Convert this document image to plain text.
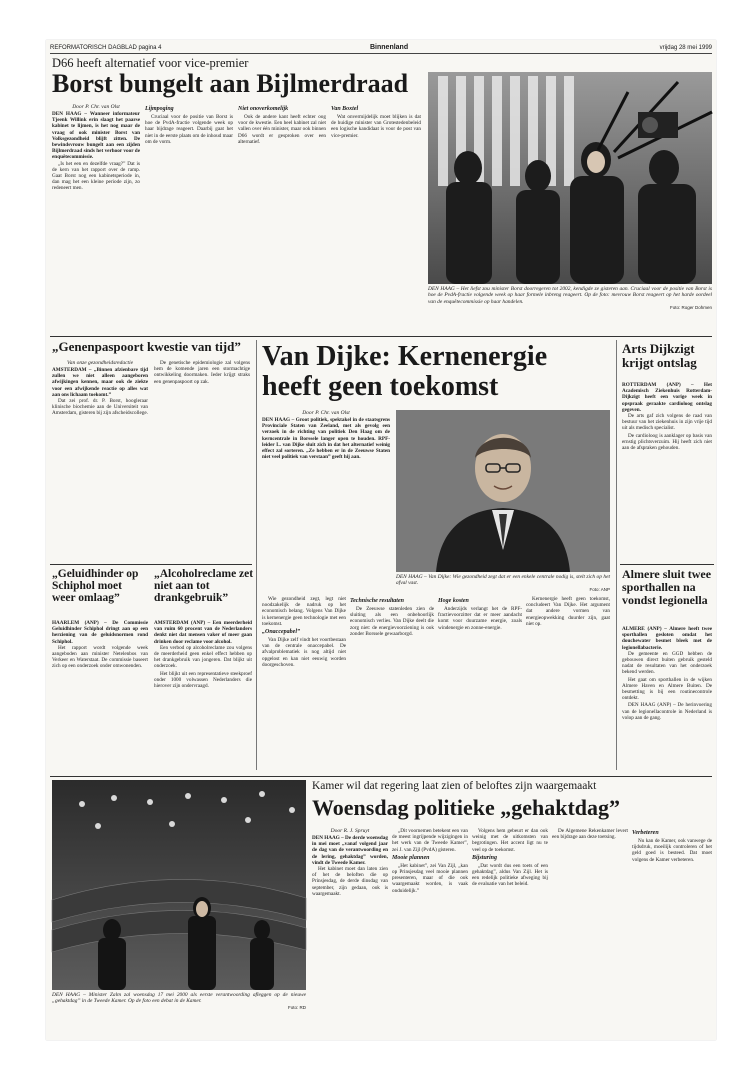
REFORMATORISCH DAGBLAD pagina 4	Binnenland	vrijdag 28 mei 1999
D66 heeft alternatief voor vice-premier
Borst bungelt aan Bijlmerdraad
Door P. Chr. van Olst
DEN HAAG – Wanneer informateur Tjeenk Willink erin slaagt het paarse kabinet te lijmen, is het nog maar de vraag of ook minister Borst van Volksgezondheid blijft zitten. De bewindsvrouw bungelt aan een zijden Bijlmerdraad sinds het verhoor voor de enquêtecommissie.

„Is het een en dezelfde vraag?” Dat is de kern van het rapport over de ramp. Gaat Borst nog een kabinetsperiode in, dan mag het een kleine periode zijn, zo redeneert men.

Lijmpoging

Cruciaal voor de positie van Borst is hoe de PvdA-fractie volgende week op haar bijdrage reageert. Daarbij gaat het niet in de eerste plaats om de inhoud maar om de vorm.

Niet onoverkomelijk

Ook de andere kant heeft echter oog voor de kwestie. Een heel kabinet zal niet vallen over één minister, maar ook binnen D66 wordt er gesproken over een alternatief.

Van Boxtel

Wat onvermijdelijk moet blijken is dat de huidige minister van Grotestedenbeleid een logische kandidaat is voor de post van vice-premier.

DEN HAAG – Het liefst zou minister Borst doorregeren tot 2002, kendigde ze gisteren aan. Cruciaal voor de positie van Borst is hoe de PvdA-fractie volgende week op haar formele inbreng reageert. Op de foto: mevrouw Borst reageert op het harde oordeel van de enquêtecommissie op haar handelen.
Foto: Roger Dohmen
„Genenpaspoort kwestie van tijd”
Van onze gezondheidsredactie
AMSTERDAM – „Binnen afzienbare tijd zullen we niet alleen aangeboren afwijkingen kennen, maar ook de ziekte voor een afwijkende reactie op alles wat aan ons lichaam toekomt.”

Dat zei prof. dr. P. Borst, hoogleraar klinische biochemie aan de Universiteit van Amsterdam, gisteren bij zijn afscheidscollege.

De genetische epidemiologie zal volgens hem de komende jaren een stormachtige ontwikkeling doormaken. Ieder krijgt straks een genenpaspoort op zak.

„Geluidhinder op Schiphol moet weer omlaag”
HAARLEM (ANP) – De Commissie Geluidhinder Schiphol dringt aan op een herziening van de geluidsnormen rond Schiphol.

Het rapport wordt volgende week aangeboden aan minister Netelenbos van Verkeer en Waterstaat. De commissie baseert zich op een onderzoek onder omwonenden.

„Alcoholreclame zet niet aan tot drankgebruik”
AMSTERDAM (ANP) – Een meerderheid van ruim 60 procent van de Nederlanders denkt niet dat mensen vaker of meer gaan drinken door reclame voor alcohol.

Een verbod op alcoholreclame zou volgens de meerderheid geen enkel effect hebben op het drankgebruik van jongeren. Dat blijkt uit onderzoek.

Het blijkt uit een representatieve steekproef onder 1000 volwassen Nederlanders die hierover zijn ondervraagd.

Van Dijke: Kernenergie heeft geen toekomst
Door P. Chr. van Olst
DEN HAAG – Groot politiek, spektakel in de staatsgrens Provinciale Staten van Zeeland, met als gevolg een verzoek in de richting van politiek Den Haag om de kerncentrale in Borssele langer open te houden. RPF-leider L. van Dijke sluit zich in dat het alternatief weinig effect zal sorteren. „Ze hebben er in de Zeeuwse Staten niet veel politiek van verstaan” geeft hij aan.
DEN HAAG – Van Dijke: Wie gezondheid zegt dat er een enkele centrale nodig is, stelt zich op het afval vast.
Foto: ANP

Wie gezondheid zegt, legt niet noodzakelijk de nadruk op het economisch belang. Volgens Van Dijke is kernenergie geen technologie met een toekomst.

„Onaccepabel”

Van Dijke zelf vindt het voortbestaan van de centrale onaccepabel. De afvalproblematiek is nog altijd niet opgelost en kan niet eeuwig worden doorgeschoven.

Technische resultaten

De Zeeuwse statenleden zien de sluiting als een onbehoorlijk economisch verlies. Van Dijke deelt die zorg niet: de energievoorziening is ook zonder Borssele gewaarborgd.

Hoge kosten

Anderzijds verlangt het de RPF-fractievoorzitter dat er meer aandacht komt voor duurzame energie, zoals windenergie en zonne-energie.

Kernenergie heeft geen toekomst, concludeert Van Dijke. Het argument dat andere vormen van energieopwekking duurder zijn, gaat niet op.

Arts Dijkzigt krijgt ontslag
ROTTERDAM (ANP) – Het Academisch Ziekenhuis Rotterdam-Dijkzigt heeft een vorige week in opspraak geraakte cardioloog ontslag gegeven.

De arts gaf zich volgens de raad van bestuur van het ziekenhuis in zijn vrije tijd uit als medisch specialist.

De cardioloog is aanklager op basis van ernstig plichtsverzuim. Hij heeft zich niet aan de afspraken gehouden.

Almere sluit twee sporthallen na vondst legionella
ALMERE (ANP) – Almere heeft twee sporthallen gesloten omdat het douchewater besmet bleek met de legionellabacterie.

De gemeente en GGD hebben de gebouwen direct buiten gebruik gesteld nadat de resultaten van het onderzoek bekend werden.

Het gaat om sporthallen in de wijken Almere Haven en Almere Buiten. De besmetting is bij een routinecontrole ontdekt.

DEN HAAG (ANP) – De herinvoering van de legionellacontrole in Nederland is volop aan de gang.

DEN HAAG – Minister Zalm zal woensdag 17 mei 2000 als eerste verantwoording afleggen op de nieuwe „gehaktdag” in de Tweede Kamer. Op de foto een debat in de Kamer.
Foto: RD
Kamer wil dat regering laat zien of beloftes zijn waargemaakt
Woensdag politieke „gehaktdag”
Door R. J. Spruyt
DEN HAAG – De derde woensdag in mei moet „vanaf volgend jaar de dag van de verantwoording en de lering, gehaktdag” worden, vindt de Tweede Kamer.

Het kabinet moet dan laten zien of het de beloften die op Prinsjesdag, de derde dinsdag van september, zijn gedaan, ook is waargemaakt.

„Dit voornemen betekent een van de meest ingrijpende wijzigingen in het werk van de Tweede Kamer”, zei J. van Zijl (PvdA) gisteren.

Mooie plannen

„Het kabinet”, zei Van Zijl, „kan op Prinsjesdag veel mooie plannen presenteren, maar of die ook waargemaakt worden, is vaak onduidelijk.”

Volgens hem gebeurt er dan ook weinig met de uitkomsten van begrotingen. Het accent ligt nu te veel op de toekomst.

Bijsturing

„Dat wordt dus een toets of een gehaktdag”, aldus Van Zijl. Het is een redelijk politieke afweging bij de evaluatie van het beleid.

De Algemene Rekenkamer levert een bijdrage aan deze toetsing.

Verbeteren

Nu kan de Kamer, ook vanwege de tijdsdruk, moeilijk controleren of het geld goed is besteed. Dat moet volgens de Kamer verbeteren.
